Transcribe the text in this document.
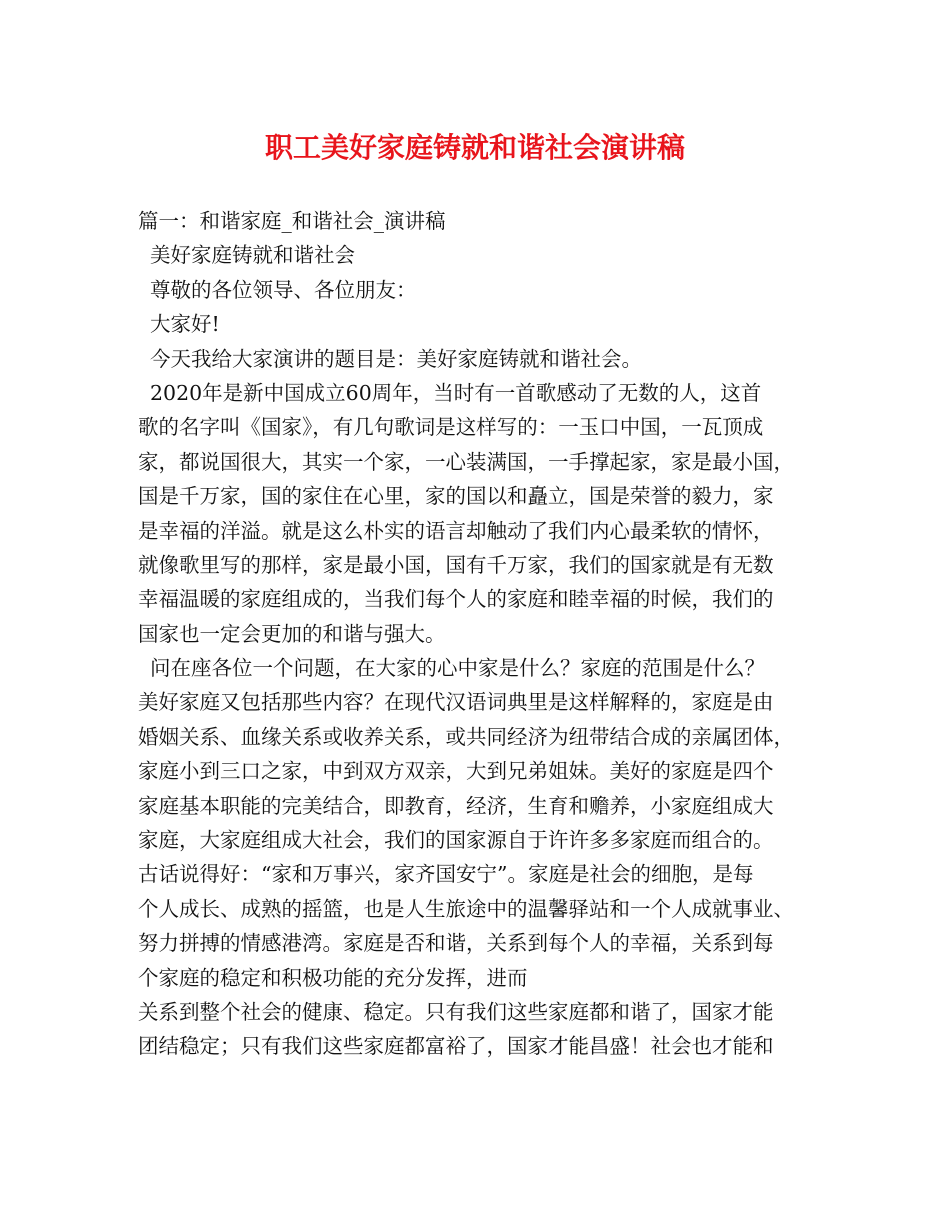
职工美好家庭铸就和谐社会演讲稿
篇一：和谐家庭_和谐社会_演讲稿
美好家庭铸就和谐社会
尊敬的各位领导、各位朋友：
大家好!
今天我给大家演讲的题目是：美好家庭铸就和谐社会。
2020年是新中国成立60周年，当时有一首歌感动了无数的人，这首
歌的名字叫《国家》，有几句歌词是这样写的：一玉口中国，一瓦顶成
家，都说国很大，其实一个家，一心装满国，一手撑起家，家是最小国，
国是千万家，国的家住在心里，家的国以和矗立，国是荣誉的毅力，家
是幸福的洋溢。就是这么朴实的语言却触动了我们内心最柔软的情怀，
就像歌里写的那样，家是最小国，国有千万家，我们的国家就是有无数
幸福温暖的家庭组成的，当我们每个人的家庭和睦幸福的时候，我们的
国家也一定会更加的和谐与强大。
问在座各位一个问题，在大家的心中家是什么？家庭的范围是什么？
美好家庭又包括那些内容？在现代汉语词典里是这样解释的，家庭是由
婚姻关系、血缘关系或收养关系，或共同经济为纽带结合成的亲属团体，
家庭小到三口之家，中到双方双亲，大到兄弟姐妹。美好的家庭是四个
家庭基本职能的完美结合，即教育，经济，生育和赡养，小家庭组成大
家庭，大家庭组成大社会，我们的国家源自于许许多多家庭而组合的。
古话说得好：“家和万事兴，家齐国安宁”。家庭是社会的细胞，是每
个人成长、成熟的摇篮，也是人生旅途中的温馨驿站和一个人成就事业、
努力拼搏的情感港湾。家庭是否和谐，关系到每个人的幸福，关系到每
个家庭的稳定和积极功能的充分发挥，进而
关系到整个社会的健康、稳定。只有我们这些家庭都和谐了，国家才能
团结稳定；只有我们这些家庭都富裕了，国家才能昌盛！社会也才能和
